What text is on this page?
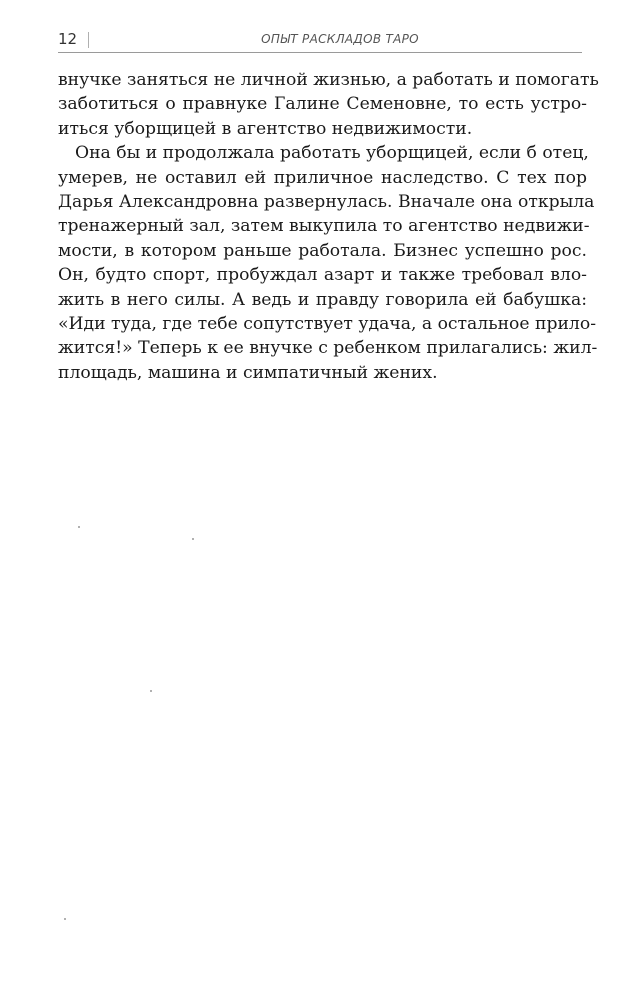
12	ОПЫТ РАСКЛАДОВ ТАРО
внучке заняться не личной жизнью, а работать и помогать
заботиться о правнуке Галине Семеновне, то есть устро-
иться уборщицей в агентство недвижимости.
Она бы и продолжала работать уборщицей, если б отец,
умерев, не оставил ей приличное наследство. С тех пор
Дарья Александровна развернулась. Вначале она открыла
тренажерный зал, затем выкупила то агентство недвижи-
мости, в котором раньше работала. Бизнес успешно рос.
Он, будто спорт, пробуждал азарт и также требовал вло-
жить в него силы. А ведь и правду говорила ей бабушка:
«Иди туда, где тебе сопутствует удача, а остальное прило-
жится!» Теперь к ее внучке с ребенком прилагались: жил-
площадь, машина и симпатичный жених.
